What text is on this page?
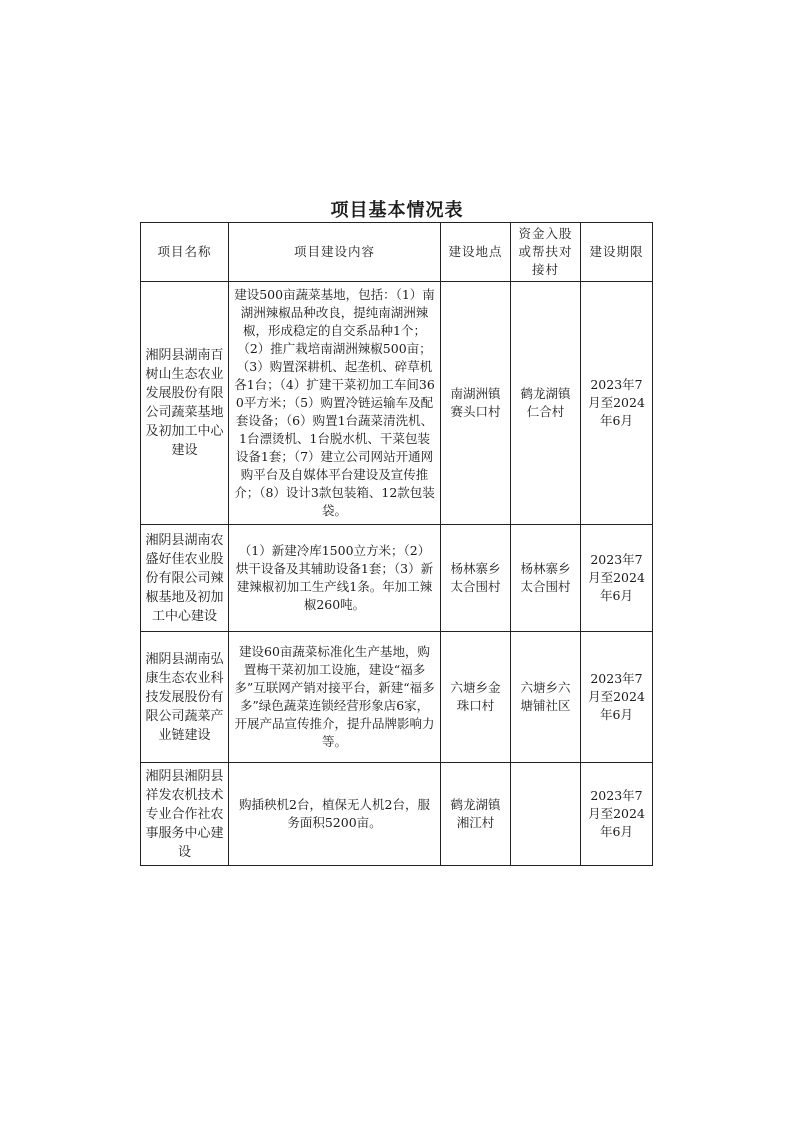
项目基本情况表
项目名称	项目建设内容	建设地点	资金入股或帮扶对接村	建设期限
湘阴县湖南百树山生态农业发展股份有限公司蔬菜基地及初加工中心建设	建设500亩蔬菜基地，包括：（1）南湖洲辣椒品种改良，提纯南湖洲辣椒，形成稳定的自交系品种1个；（2）推广栽培南湖洲辣椒500亩；（3）购置深耕机、起垄机、碎草机各1台；（4）扩建干菜初加工车间360平方米；（5）购置冷链运输车及配套设备；（6）购置1台蔬菜清洗机、1台漂烫机、1台脱水机、干菜包装设备1套；（7）建立公司网站开通网购平台及自媒体平台建设及宣传推介；（8）设计3款包装箱、12款包装袋。	南湖洲镇赛头口村	鹤龙湖镇仁合村	2023年7月至2024年6月
湘阴县湖南农盛好佳农业股份有限公司辣椒基地及初加工中心建设	（1）新建冷库1500立方米；（2）烘干设备及其辅助设备1套；（3）新建辣椒初加工生产线1条。年加工辣椒260吨。	杨林寨乡太合围村	杨林寨乡太合围村	2023年7月至2024年6月
湘阴县湖南弘康生态农业科技发展股份有限公司蔬菜产业链建设	建设60亩蔬菜标准化生产基地，购置梅干菜初加工设施，建设“福多多”互联网产销对接平台，新建“福多多”绿色蔬菜连锁经营形象店6家，开展产品宣传推介，提升品牌影响力等。	六塘乡金珠口村	六塘乡六塘铺社区	2023年7月至2024年6月
湘阴县湘阴县祥发农机技术专业合作社农事服务中心建设	购插秧机2台，植保无人机2台，服务面积5200亩。	鹤龙湖镇湘江村		2023年7月至2024年6月
